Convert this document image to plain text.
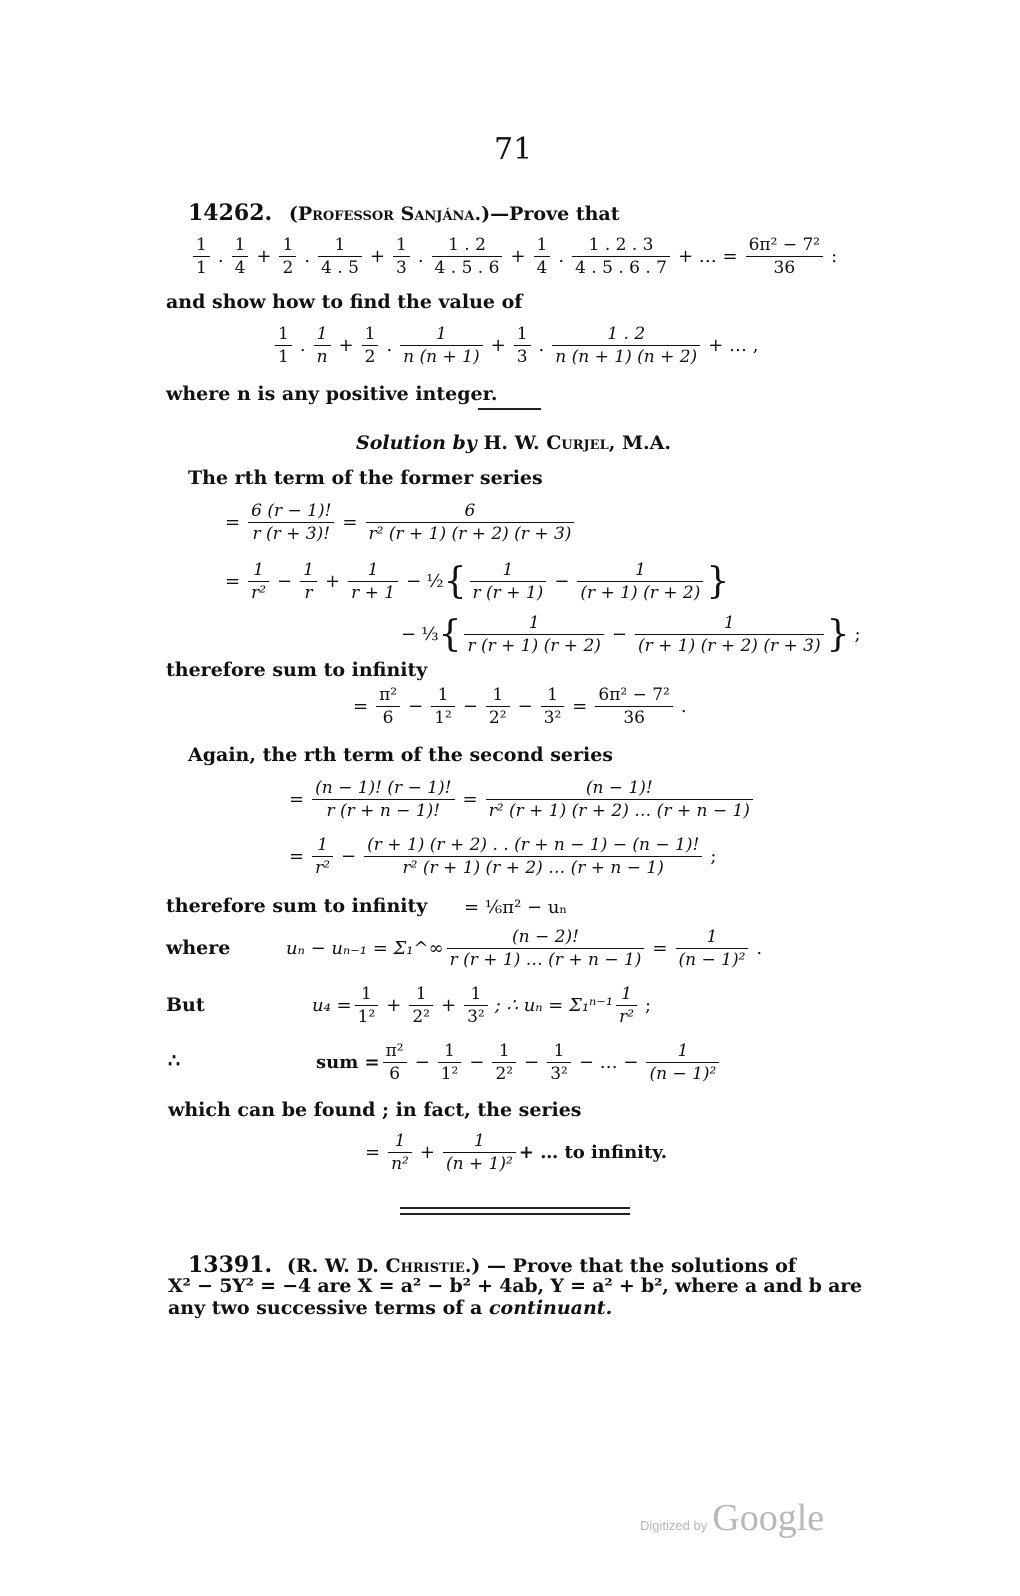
71
14262. (Professor Sanjána.)—Prove that
$\frac{1}{1}$ . $\frac{1}{4} + \frac{1}{2}$ . $\frac{1}{4 . 5} + \frac{1}{3}$ . $\frac{1 . 2}{4 . 5 . 6} + \frac{1}{4}$ . $\frac{1 . 2 . 3}{4 . 5 . 6 . 7}$ + … = $\frac{\text{6π² − 7²}}{36}$ :
and show how to find the value of
$\frac{1}{1}$ . $\frac{1}{n} + \frac{1}{2}$ . $\frac{1}{n (n + 1)} + \frac{1}{3}$ . $\frac{1 . 2}{n (n + 1) (n + 2)}$ + … ,
where n is any positive integer.
Solution by H. W. Curjel, M.A.
The rth term of the former series
= $\frac{6 (r - 1)!}{r (r + 3)!} = \frac{6}{\text{r² (r + 1) (r + 2) (r + 3)}}$
= $\frac{1}{\text{r²}} - \frac{1}{r} + \frac{1}{r + 1}$ − ½ { $\frac{1}{r (r + 1)} - \frac{1}{(r + 1) (r + 2)}$ }
− ⅓ { $\frac{1}{r (r + 1) (r + 2)} - \frac{1}{(r + 1) (r + 2) (r + 3)}$ } ;
therefore sum to infinity
= $\frac{\text{π²}}{6} - \frac{1}{\text{1²}} - \frac{1}{\text{2²}} - \frac{1}{\text{3²}} = \frac{\text{6π² − 7²}}{36}$ .
Again, the rth term of the second series
= $\frac{(n - 1)! (r - 1)!}{r (r + n - 1)!} = \frac{(n - 1)!}{\text{r² (r + 1) (r + 2) … (r + n − 1)}}$
= $\frac{1}{\text{r²}} - \frac{(r + 1) (r + 2) . . (r + n - 1) - (n - 1)!}{\text{r² (r + 1) (r + 2) … (r + n − 1)}}$ ;
therefore sum to infinity = ⅙π² − uₙ
where	uₙ − uₙ₋₁ = Σ₁^∞ $\frac{(n - 2)!}{r (r + 1) \dots (r + n - 1)} = \frac{1}{\text{(n − 1)²}}$ .
But	$u_4 = \frac{1}{\text{1²}} + \frac{1}{\text{2²}} + \frac{1}{\text{3²}}$ ; ∴ $u_n = \Sigma_1^{n-1} \frac{1}{\text{r²}}$ ;
∴	sum = $\frac{\text{π²}}{6} - \frac{1}{\text{1²}} - \frac{1}{\text{2²}} - \frac{1}{\text{3²}}$ − … − $\frac{1}{\text{(n − 1)²}}$
which can be found ; in fact, the series
= $\frac{1}{\text{n²}} + \frac{1}{\text{(n + 1)²}}$ + … to infinity.
13391. (R. W. D. Christie.) — Prove that the solutions of
X² − 5Y² = −4 are X = a² − b² + 4ab, Y = a² + b², where a and b are
any two successive terms of a continuant.
Digitized by Google
